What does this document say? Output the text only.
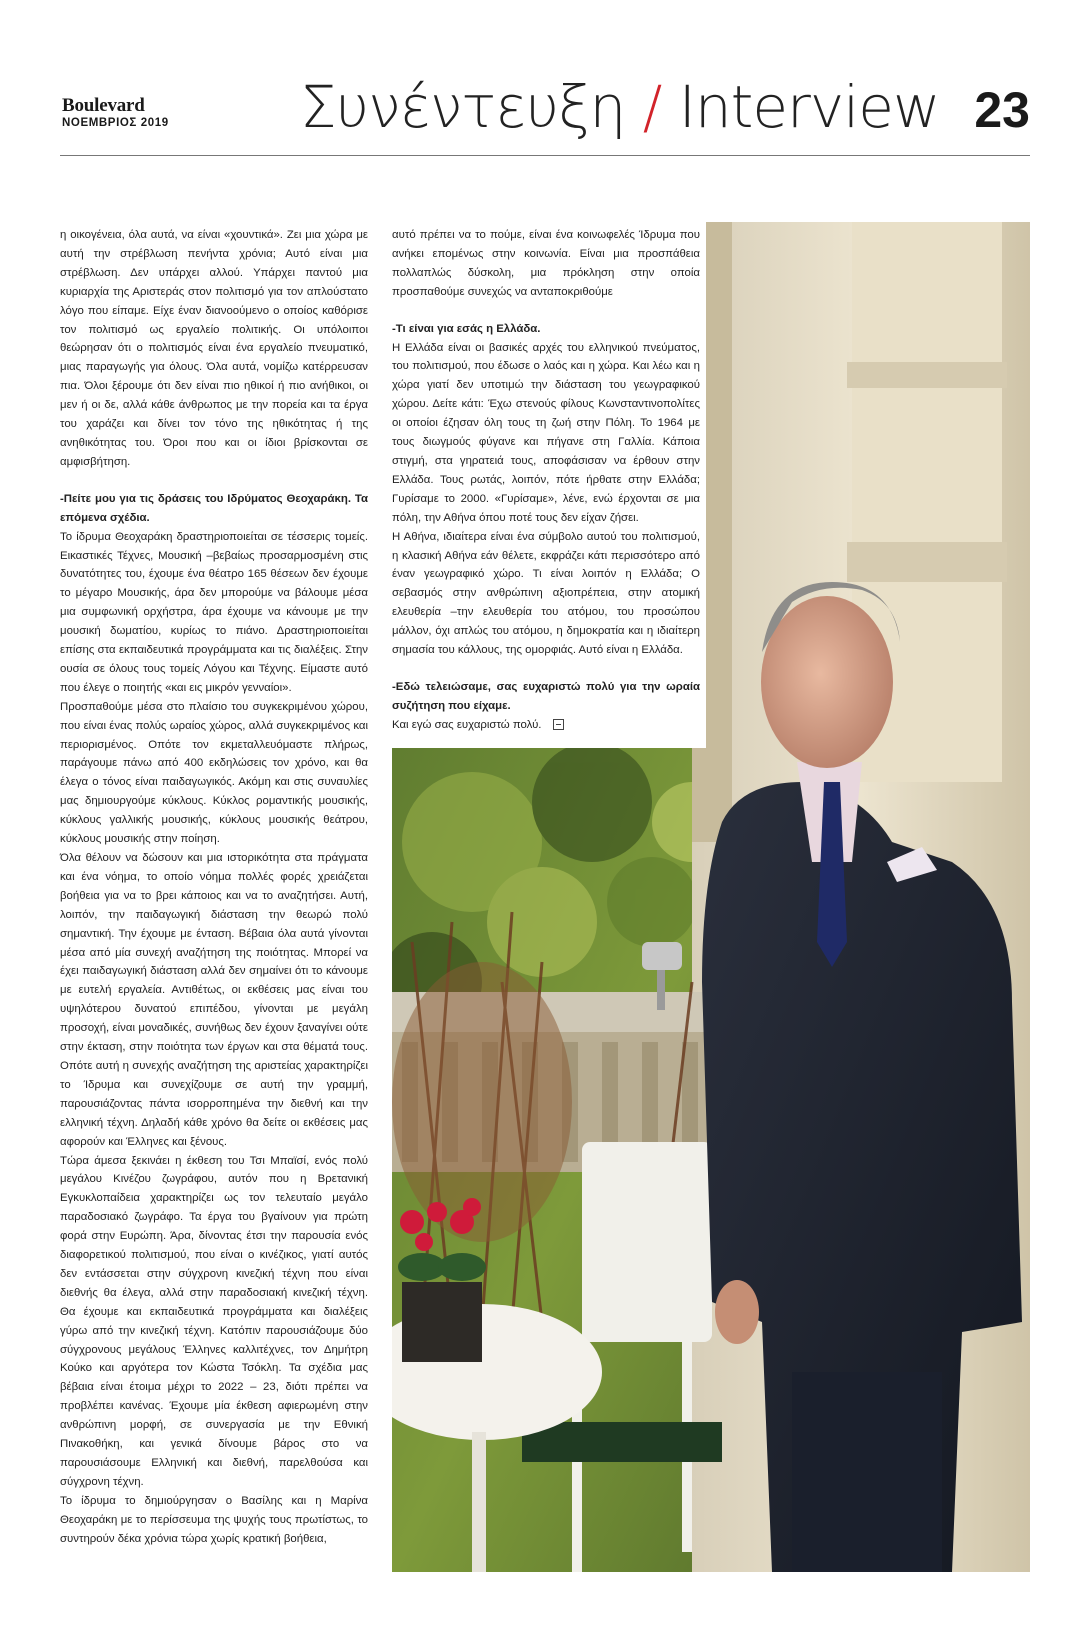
Boulevard
ΝΟΕΜΒΡΙΟΣ 2019 Συνέντευξη / Interview 23

η οικογένεια, όλα αυτά, να είναι «χουντικά». Ζει μια χώρα με αυτή την στρέβλωση πενήντα χρόνια; Αυτό είναι μια στρέβλωση. Δεν υπάρχει αλλού. Υπάρχει παντού μια κυριαρχία της Αριστεράς στον πολιτισμό για τον απλούστατο λόγο που είπαμε. Είχε έναν διανοούμενο ο οποίος καθόρισε τον πολιτισμό ως εργαλείο πολιτικής. Οι υπόλοιποι θεώρησαν ότι ο πολιτισμός είναι ένα εργαλείο πνευματικό, μιας παραγωγής για όλους. Όλα αυτά, νομίζω κατέρρευσαν πια. Όλοι ξέρουμε ότι δεν είναι πιο ηθικοί ή πιο ανήθικοι, οι μεν ή οι δε, αλλά κάθε άνθρωπος με την πορεία και τα έργα του χαράζει και δίνει τον τόνο της ηθικότητας ή της ανηθικότητας του. Όροι που και οι ίδιοι βρίσκονται σε αμφισβήτηση.

-Πείτε μου για τις δράσεις του Ιδρύματος Θεοχαράκη. Τα επόμενα σχέδια.

Το ίδρυμα Θεοχαράκη δραστηριοποιείται σε τέσσερις τομείς. Εικαστικές Τέχνες, Μουσική –βεβαίως προσαρμοσμένη στις δυνατότητες του, έχουμε ένα θέατρο 165 θέσεων δεν έχουμε το μέγαρο Μουσικής, άρα δεν μπορούμε να βάλουμε μέσα μια συμφωνική ορχήστρα, άρα έχουμε να κάνουμε με την μουσική δωματίου, κυρίως το πιάνο. Δραστηριοποιείται επίσης στα εκπαιδευτικά προγράμματα και τις διαλέξεις. Στην ουσία σε όλους τους τομείς Λόγου και Τέχνης. Είμαστε αυτό που έλεγε ο ποιητής «και εις μικρόν γενναίοι».

Προσπαθούμε μέσα στο πλαίσιο του συγκεκριμένου χώρου, που είναι ένας πολύς ωραίος χώρος, αλλά συγκεκριμένος και περιορισμένος. Οπότε τον εκμεταλλευόμαστε πλήρως, παράγουμε πάνω από 400 εκδηλώσεις τον χρόνο, και θα έλεγα ο τόνος είναι παιδαγωγικός. Ακόμη και στις συναυλίες μας δημιουργούμε κύκλους. Κύκλος ρομαντικής μουσικής, κύκλους γαλλικής μουσικής, κύκλους μουσικής θεάτρου, κύκλους μουσικής στην ποίηση.

Όλα θέλουν να δώσουν και μια ιστορικότητα στα πράγματα και ένα νόημα, το οποίο νόημα πολλές φορές χρειάζεται βοήθεια για να το βρει κάποιος και να το αναζητήσει. Αυτή, λοιπόν, την παιδαγωγική διάσταση την θεωρώ πολύ σημαντική. Την έχουμε με ένταση. Βέβαια όλα αυτά γίνονται μέσα από μία συνεχή αναζήτηση της ποιότητας. Μπορεί να έχει παιδαγωγική διάσταση αλλά δεν σημαίνει ότι το κάνουμε με ευτελή εργαλεία. Αντιθέτως, οι εκθέσεις μας είναι του υψηλότερου δυνατού επιπέδου, γίνονται με μεγάλη προσοχή, είναι μοναδικές, συνήθως δεν έχουν ξαναγίνει ούτε στην έκταση, στην ποιότητα των έργων και στα θέματά τους. Οπότε αυτή η συνεχής αναζήτηση της αριστείας χαρακτηρίζει το Ίδρυμα και συνεχίζουμε σε αυτή την γραμμή, παρουσιάζοντας πάντα ισορροπημένα την διεθνή και την ελληνική τέχνη. Δηλαδή κάθε χρόνο θα δείτε οι εκθέσεις μας αφορούν και Έλληνες και ξένους.

Τώρα άμεσα ξεκινάει η έκθεση του Τσι Μπαϊσί, ενός πολύ μεγάλου Κινέζου ζωγράφου, αυτόν που η Βρετανική Εγκυκλοπαίδεια χαρακτηρίζει ως τον τελευταίο μεγάλο παραδοσιακό ζωγράφο. Τα έργα του βγαίνουν για πρώτη φορά στην Ευρώπη. Άρα, δίνοντας έτσι την παρουσία ενός διαφορετικού πολιτισμού, που είναι ο κινέζικος, γιατί αυτός δεν εντάσσεται στην σύγχρονη κινεζική τέχνη που είναι διεθνής θα έλεγα, αλλά στην παραδοσιακή κινεζική τέχνη. Θα έχουμε και εκπαιδευτικά προγράμματα και διαλέξεις γύρω από την κινεζική τέχνη. Κατόπιν παρουσιάζουμε δύο σύγχρονους μεγάλους Έλληνες καλλιτέχνες, τον Δημήτρη Κούκο και αργότερα τον Κώστα Τσόκλη. Τα σχέδια μας βέβαια είναι έτοιμα μέχρι το 2022 – 23, διότι πρέπει να προβλέπει κανένας. Έχουμε μία έκθεση αφιερωμένη στην ανθρώπινη μορφή, σε συνεργασία με την Εθνική Πινακοθήκη, και γενικά δίνουμε βάρος στο να παρουσιάσουμε Ελληνική και διεθνή, παρελθούσα και σύγχρονη τέχνη.

Το ίδρυμα το δημιούργησαν ο Βασίλης και η Μαρίνα Θεοχαράκη με το περίσσευμα της ψυχής τους πρωτίστως, το συντηρούν δέκα χρόνια τώρα χωρίς κρατική βοήθεια,

αυτό πρέπει να το πούμε, είναι ένα κοινωφελές Ίδρυμα που ανήκει επομένως στην κοινωνία. Είναι μια προσπάθεια πολλαπλώς δύσκολη, μια πρόκληση στην οποία προσπαθούμε συνεχώς να ανταποκριθούμε

-Τι είναι για εσάς η Ελλάδα.

Η Ελλάδα είναι οι βασικές αρχές του ελληνικού πνεύματος, του πολιτισμού, που έδωσε ο λαός και η χώρα. Και λέω και η χώρα γιατί δεν υποτιμώ την διάσταση του γεωγραφικού χώρου. Δείτε κάτι: Έχω στενούς φίλους Κωνσταντινοπολίτες οι οποίοι έζησαν όλη τους τη ζωή στην Πόλη. Το 1964 με τους διωγμούς φύγανε και πήγανε στη Γαλλία. Κάποια στιγμή, στα γηρατειά τους, αποφάσισαν να έρθουν στην Ελλάδα. Τους ρωτάς, λοιπόν, πότε ήρθατε στην Ελλάδα; Γυρίσαμε το 2000. «Γυρίσαμε», λένε, ενώ έρχονται σε μια πόλη, την Αθήνα όπου ποτέ τους δεν είχαν ζήσει.

Η Αθήνα, ιδιαίτερα είναι ένα σύμβολο αυτού του πολιτισμού, η κλασική Αθήνα εάν θέλετε, εκφράζει κάτι περισσότερο από έναν γεωγραφικό χώρο. Τι είναι λοιπόν η Ελλάδα; Ο σεβασμός στην ανθρώπινη αξιοπρέπεια, στην ατομική ελευθερία –την ελευθερία του ατόμου, του προσώπου μάλλον, όχι απλώς του ατόμου, η δημοκρατία και η ιδιαίτερη σημασία του κάλλους, της ομορφιάς. Αυτό είναι η Ελλάδα.

-Εδώ τελειώσαμε, σας ευχαριστώ πολύ για την ωραία συζήτηση που είχαμε.

Και εγώ σας ευχαριστώ πολύ.
